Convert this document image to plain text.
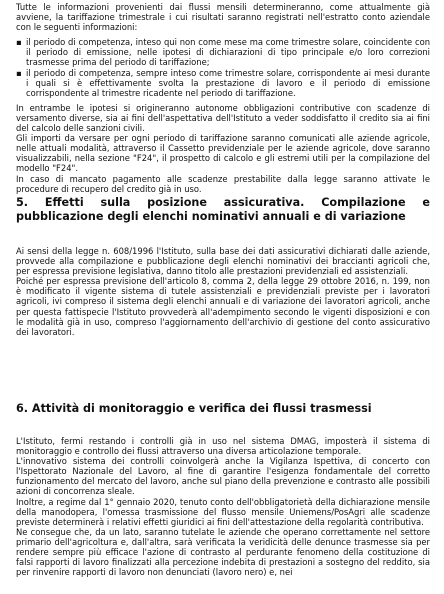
Tutte le informazioni provenienti dai flussi mensili determineranno, come attualmente già avviene, la tariffazione trimestrale i cui risultati saranno registrati nell'estratto conto aziendale con le seguenti informazioni:

▪ il periodo di competenza, inteso qui non come mese ma come trimestre solare, coincidente con il periodo di emissione, nelle ipotesi di dichiarazioni di tipo principale e/o loro correzioni trasmesse prima del periodo di tariffazione;
▪ il periodo di competenza, sempre inteso come trimestre solare, corrispondente ai mesi durante i quali si è effettivamente svolta la prestazione di lavoro e il periodo di emissione corrispondente al trimestre ricadente nel periodo di tariffazione.

In entrambe le ipotesi si origineranno autonome obbligazioni contributive con scadenze di versamento diverse, sia ai fini dell'aspettativa dell'Istituto a veder soddisfatto il credito sia ai fini del calcolo delle sanzioni civili.

Gli importi da versare per ogni periodo di tariffazione saranno comunicati alle aziende agricole, nelle attuali modalità, attraverso il Cassetto previdenziale per le aziende agricole, dove saranno visualizzabili, nella sezione "F24", il prospetto di calcolo e gli estremi utili per la compilazione del modello "F24".

In caso di mancato pagamento alle scadenze prestabilite dalla legge saranno attivate le procedure di recupero del credito già in uso.

5. Effetti sulla posizione assicurativa. Compilazione e pubblicazione degli elenchi nominativi annuali e di variazione

Ai sensi della legge n. 608/1996 l'Istituto, sulla base dei dati assicurativi dichiarati dalle aziende, provvede alla compilazione e pubblicazione degli elenchi nominativi dei braccianti agricoli che, per espressa previsione legislativa, danno titolo alle prestazioni previdenziali ed assistenziali.

Poiché per espressa previsione dell'articolo 8, comma 2, della legge 29 ottobre 2016, n. 199, non è modificato il vigente sistema di tutele assistenziali e previdenziali previste per i lavoratori agricoli, ivi compreso il sistema degli elenchi annuali e di variazione dei lavoratori agricoli, anche per questa fattispecie l'Istituto provvederà all'adempimento secondo le vigenti disposizioni e con le modalità già in uso, compreso l'aggiornamento dell'archivio di gestione del conto assicurativo dei lavoratori.

6. Attività di monitoraggio e verifica dei flussi trasmessi

L'Istituto, fermi restando i controlli già in uso nel sistema DMAG, imposterà il sistema di monitoraggio e controllo dei flussi attraverso una diversa articolazione temporale.

L'innovativo sistema dei controlli coinvolgerà anche la Vigilanza Ispettiva, di concerto con l'Ispettorato Nazionale del Lavoro, al fine di garantire l'esigenza fondamentale del corretto funzionamento del mercato del lavoro, anche sul piano della prevenzione e contrasto alle possibili azioni di concorrenza sleale.

Inoltre, a regime dal 1° gennaio 2020, tenuto conto dell'obbligatorietà della dichiarazione mensile della manodopera, l'omessa trasmissione del flusso mensile Uniemens/PosAgri alle scadenze previste determinerà i relativi effetti giuridici ai fini dell'attestazione della regolarità contributiva.

Ne consegue che, da un lato, saranno tutelate le aziende che operano correttamente nel settore primario dell'agricoltura e, dall'altra, sarà verificata la veridicità delle denunce trasmesse sia per rendere sempre più efficace l'azione di contrasto al perdurante fenomeno della costituzione di falsi rapporti di lavoro finalizzati alla percezione indebita di prestazioni a sostegno del reddito, sia per rinvenire rapporti di lavoro non denunciati (lavoro nero) e, nei
